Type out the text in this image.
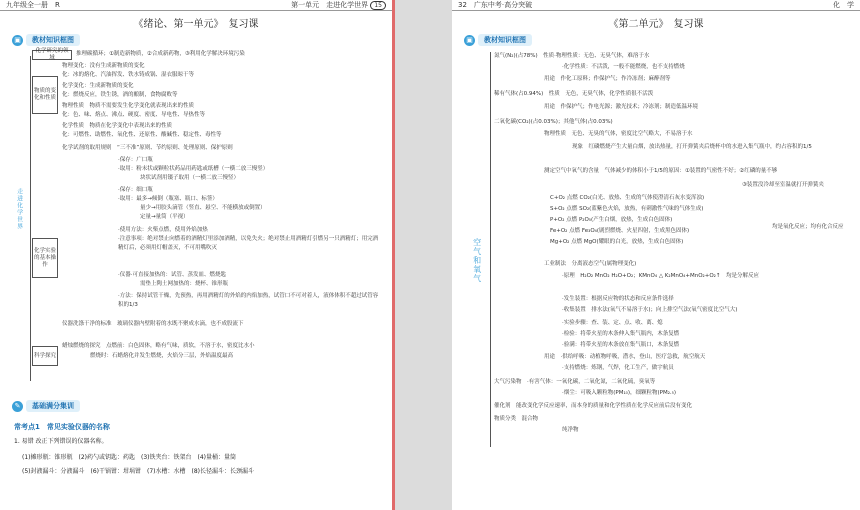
九年级全一册　R	第一单元　走进化学世界 15
《绪论、第一单元》　复习课
▣	教材知识框图
走进化学世界
化学研究的领域
物质的变化和性质
化学实验的基本操作
科学探究
推理碳循环；①制造新物质，②合成新药物，③利用化学解决环境污染
物理变化：没有生成新物质的变化
化：冰的熔化、汽油挥发、铁水铸成锅、湿衣服晾干等
化学变化：生成新物质的变化
化：燃烧反应，铁生锈，酒的酿制，食物腐败等
物理性质　物质不需要发生化学变化就表现出来的性质
化：色、味、熔点、沸点、硬度、密度、导电性、导热性等
化学性质　物质在化学变化中表现出来的性质
化：可燃性、助燃性、氧化性、还原性、酸碱性、稳定性、毒性等
化学试剂的取用规则　“三不准”原则、节约原则、处理原则、保护原则
·保存：广口瓶
·取用：粉末状或颗粒状药品用药匙或纸槽（一横二放三慢竖）
块状试剂用镊子取用（一横二放三慢竖）
·保存：细口瓶
·取用：最多→倾倒（瓶塞、瓶口、标签）
量少→用胶头滴管（竖直、悬空、不能横放或倒置）
定量→量筒（平视）
·使用方法：火柴点燃，使用外焰加热
·注意事项：绝对禁止向燃着的酒精灯里添加酒精，以免失火；绝对禁止用酒精灯引燃另一只酒精灯；用完酒精灯后，必须用灯帽盖灭，不可用嘴吹灭
·仪器·可直接加热的：试管、蒸发皿、燃烧匙
需垫上陶土网加热的：烧杯、锥形瓶
·方法：保持试管干燥，先预热，再用酒精灯的外焰的内焰加热，试管口不可对着人，液体体积不超过试管容积的1/3
仪器洗涤干净的标准　玻璃仪器内壁附着的水既不聚成水滴，也不成股流下
蜡烛燃烧的探究　点燃前：白色固体，略有气味，质软，不溶于水，密度比水小
燃烧时：石蜡熔化并发生燃烧，火焰分三层，外焰温度最高
✎	基础满分集训
常考点1　常见实验仪器的名称
1. 易错 改正下列错误的仪器名称。
(1)摊形瓶：锥形瓶　(2)药勺或钥匙：药匙　(3)铁夹台：铁架台　(4)量桶：量筒
(5)封液漏斗：分液漏斗　(6)干锅钳：坩埚钳　(7)水槽：水槽　(8)长径漏斗：长颈漏斗
32　广东中考·高分突破	化　学
《第二单元》　复习课
▣	教材知识框图
空气和氧气
氮气(N₂)(占78%)　性质·物理性质：无色、无臭气体，难溶于水
·化学性质：不活泼，一般不能燃烧，也不支持燃烧
用途　作化工原料；作保护气；作冷冻剂；麻醉剂等
稀有气体(占0.94%)　性质　无色，无臭气体，化学性质很不活泼
用途　作保护气；作电光源；激光技术；冷冻剂；制造低温环境
二氧化碳(CO₂)(占0.03%)；其他气体(占0.03%)
物理性质　无色、无臭的气体，密度比空气略大，不易溶于水
现象　红磷燃烧产生大量白烟，放出热量，打开弹簧夹后烧杯中的水进入集气瓶中，约占容积的1/5
测定空气中氧气的含量　气体减少的体积小于1/5的原因：①装置的气密性不好；②红磷的量不够
③装置没冷却至室温就打开弹簧夹
C+O₂ 点燃 CO₂(白光、放热、生成的气体使澄清石灰水变浑浊)
S+O₂ 点燃 SO₂(蓝紫色火焰，放热，有刺激性气味的气体生成)
P+O₂ 点燃 P₂O₅(产生白烟，放热，生成白色固体)
Fe+O₂ 点燃 Fe₃O₄(剧烈燃烧、火星四射，生成黑色固体)
Mg+O₂ 点燃 MgO(耀眼的白光，放热，生成白色固体)
均是氧化反应；均有化合反应
工业制法　分离液态空气(属物理变化)
·原理　H₂O₂ MnO₂ H₂O+O₂；KMnO₄ △ K₂MnO₄+MnO₂+O₂↑　均是分解反应
·发生装置：根据反应物的状态和反应条件选择
·收集装置　排水法(氧气不易溶于水)；向上排空气法(氧气密度比空气大)
·实验步骤：查、装、定、点、收、离、熄
·检验：将带火星的木条伸入集气瓶内，木条复燃
·验满：将带火星的木条放在集气瓶口，木条复燃
用途　·供给呼吸：动植物呼吸，潜水，登山，医疗急救，航空航天
·支持燃烧：炼钢，气焊，化工生产，做宇航员
大气污染物　·有害气体：一氧化碳，二氧化氮，二氧化硫，臭氧等
·烟尘：可吸入颗粒物(PM₁₀)，细颗粒物(PM₂.₅)
催化剂　能改变化学反应速率，而本身的质量和化学性质在化学反应前后没有变化
物质分类　混合物
纯净物
